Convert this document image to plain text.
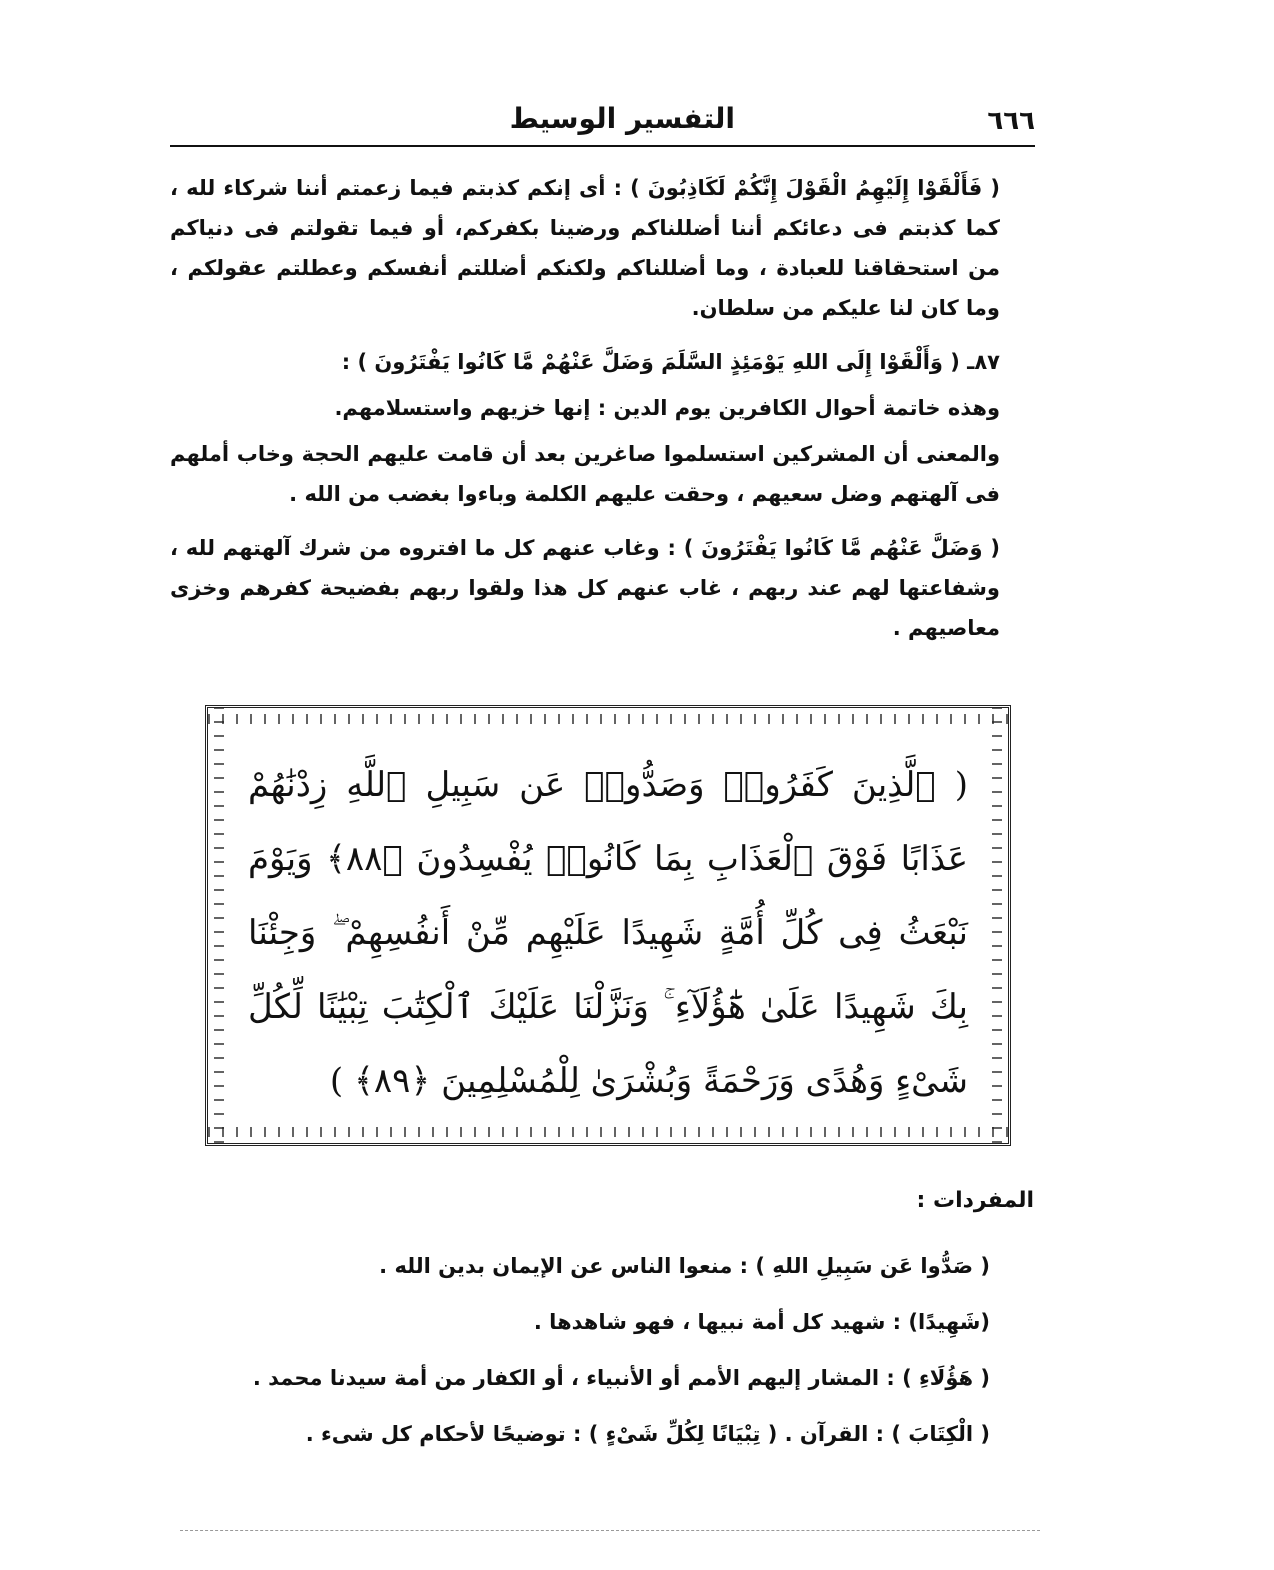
٦٦٦
التفسير الوسيط

( فَأَلْقَوْا إِلَيْهِمُ الْقَوْلَ إِنَّكُمْ لَكَاذِبُونَ ) : أى إنكم كذبتم فيما زعمتم أننا شركاء لله ، كما كذبتم فى دعائكم أننا أضللناكم ورضينا بكفركم، أو فيما تقولتم فى دنياكم من استحقاقنا للعبادة ، وما أضللناكم ولكنكم أضللتم أنفسكم وعطلتم عقولكم ، وما كان لنا عليكم من سلطان.

٨٧ـ ( وَأَلْقَوْا إِلَى اللهِ يَوْمَئِذٍ السَّلَمَ وَضَلَّ عَنْهُمْ مَّا كَانُوا يَفْتَرُونَ ) :

وهذه خاتمة أحوال الكافرين يوم الدين : إنها خزيهم واستسلامهم.

والمعنى أن المشركين استسلموا صاغرين بعد أن قامت عليهم الحجة وخاب أملهم فى آلهتهم وضل سعيهم ، وحقت عليهم الكلمة وباءوا بغضب من الله .

( وَضَلَّ عَنْهُم مَّا كَانُوا يَفْتَرُونَ ) : وغاب عنهم كل ما افتروه من شرك آلهتهم لله ، وشفاعتها لهم عند ربهم ، غاب عنهم كل هذا ولقوا ربهم بفضيحة كفرهم وخزى معاصيهم .

( ٱلَّذِينَ كَفَرُوا۟ وَصَدُّوا۟ عَن سَبِيلِ ٱللَّهِ زِدْنَٰهُمْ عَذَابًا فَوْقَ ٱلْعَذَابِ بِمَا كَانُوا۟ يُفْسِدُونَ ﴿٨٨﴾ وَيَوْمَ نَبْعَثُ فِى كُلِّ أُمَّةٍ شَهِيدًا عَلَيْهِم مِّنْ أَنفُسِهِمْ ۖ وَجِئْنَا بِكَ شَهِيدًا عَلَىٰ هَٰٓؤُلَآءِ ۚ وَنَزَّلْنَا عَلَيْكَ ٱلْكِتَٰبَ تِبْيَٰنًا لِّكُلِّ شَىْءٍ وَهُدًى وَرَحْمَةً وَبُشْرَىٰ لِلْمُسْلِمِينَ ﴿٨٩﴾ )
المفردات :
( صَدُّوا عَن سَبِيلِ اللهِ ) : منعوا الناس عن الإيمان بدين الله .
(شَهِيدًا) : شهيد كل أمة نبيها ، فهو شاهدها .
( هَؤُلَاءِ ) : المشار إليهم الأمم أو الأنبياء ، أو الكفار من أمة سيدنا محمد .
( الْكِتَابَ ) : القرآن . ( تِبْيَانًا لِكُلِّ شَىْءٍ ) : توضيحًا لأحكام كل شىء .
